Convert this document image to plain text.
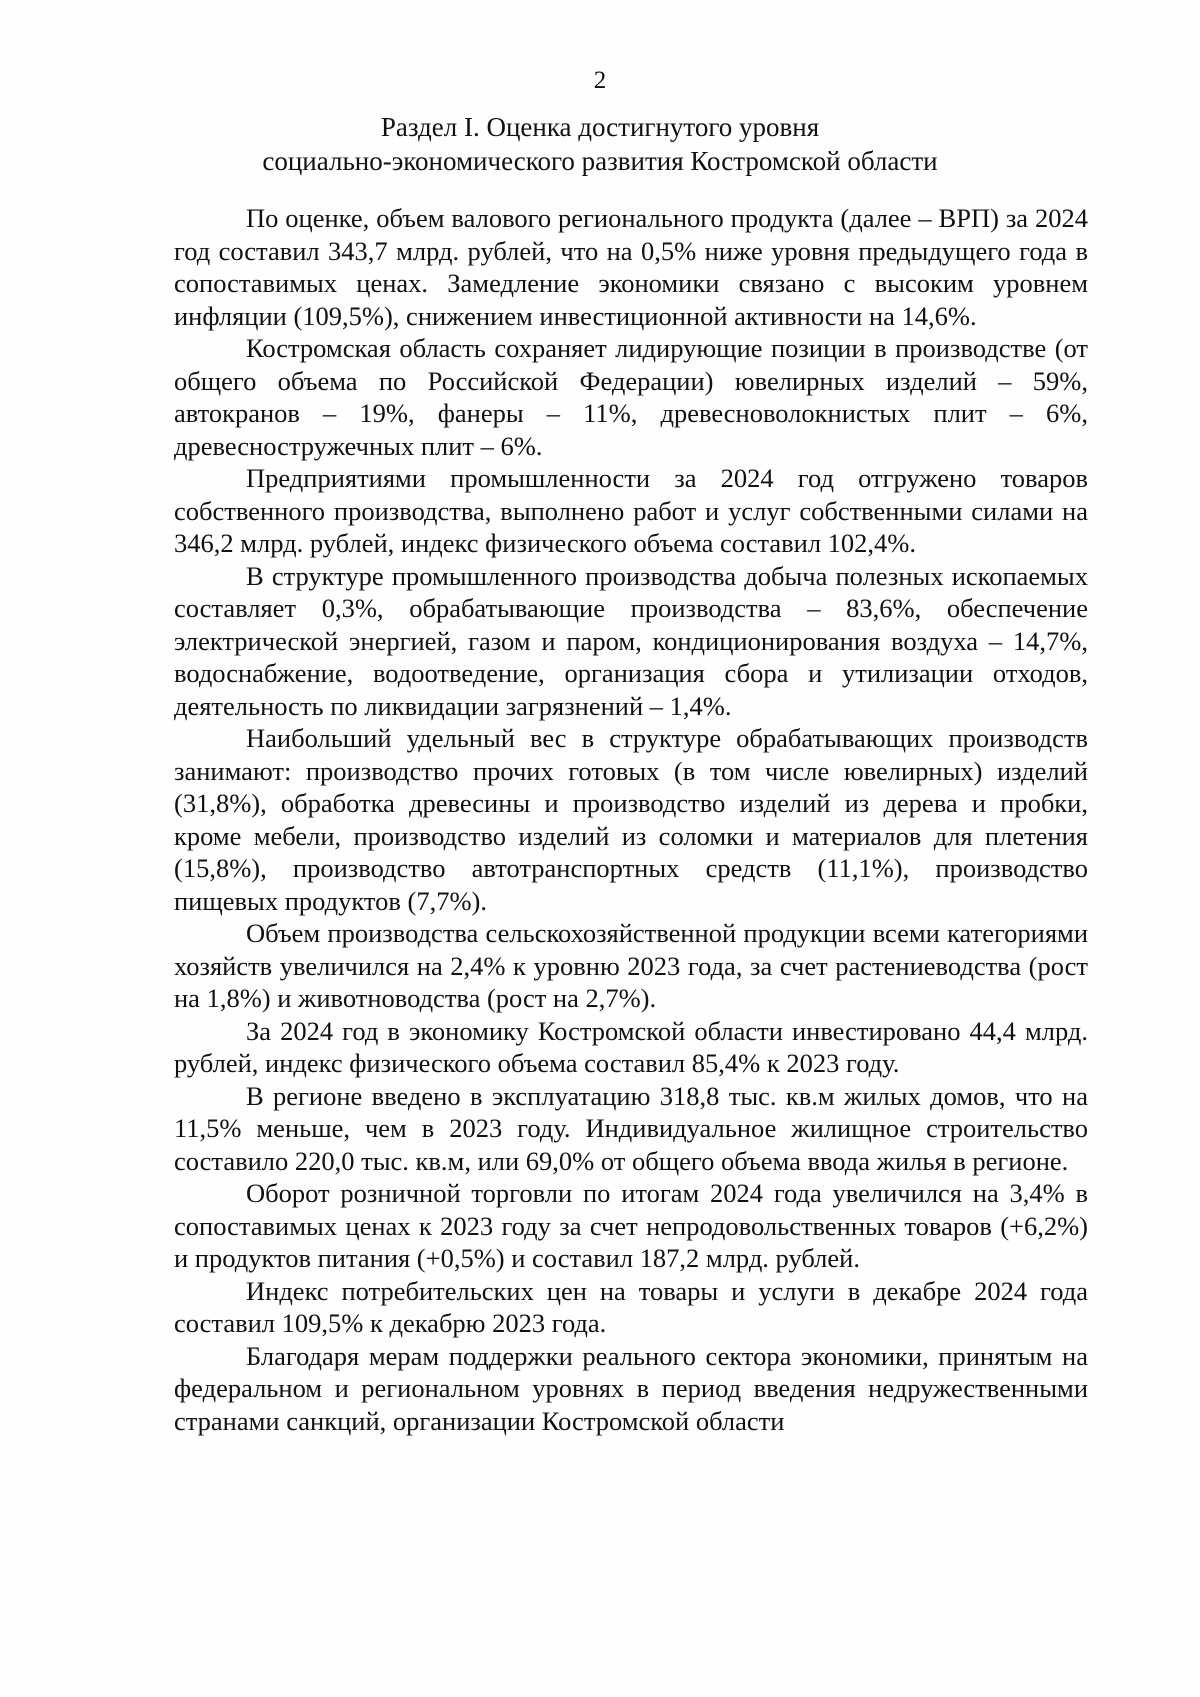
2
Раздел I. Оценка достигнутого уровня
социально-экономического развития Костромской области

По оценке, объем валового регионального продукта (далее – ВРП) за 2024 год составил 343,7 млрд. рублей, что на 0,5% ниже уровня предыдущего года в сопоставимых ценах. Замедление экономики связано с высоким уровнем инфляции (109,5%), снижением инвестиционной активности на 14,6%.

Костромская область сохраняет лидирующие позиции в производстве (от общего объема по Российской Федерации) ювелирных изделий – 59%, автокранов – 19%, фанеры – 11%, древесноволокнистых плит – 6%, древесностружечных плит – 6%.

Предприятиями промышленности за 2024 год отгружено товаров собственного производства, выполнено работ и услуг собственными силами на 346,2 млрд. рублей, индекс физического объема составил 102,4%.

В структуре промышленного производства добыча полезных ископаемых составляет 0,3%, обрабатывающие производства – 83,6%, обеспечение электрической энергией, газом и паром, кондиционирования воздуха – 14,7%, водоснабжение, водоотведение, организация сбора и утилизации отходов, деятельность по ликвидации загрязнений – 1,4%.

Наибольший удельный вес в структуре обрабатывающих производств занимают: производство прочих готовых (в том числе ювелирных) изделий (31,8%), обработка древесины и производство изделий из дерева и пробки, кроме мебели, производство изделий из соломки и материалов для плетения (15,8%), производство автотранспортных средств (11,1%), производство пищевых продуктов (7,7%).

Объем производства сельскохозяйственной продукции всеми категориями хозяйств увеличился на 2,4% к уровню 2023 года, за счет растениеводства (рост на 1,8%) и животноводства (рост на 2,7%).

За 2024 год в экономику Костромской области инвестировано 44,4 млрд. рублей, индекс физического объема составил 85,4% к 2023 году.

В регионе введено в эксплуатацию 318,8 тыс. кв.м жилых домов, что на 11,5% меньше, чем в 2023 году. Индивидуальное жилищное строительство составило 220,0 тыс. кв.м, или 69,0% от общего объема ввода жилья в регионе.

Оборот розничной торговли по итогам 2024 года увеличился на 3,4% в сопоставимых ценах к 2023 году за счет непродовольственных товаров (+6,2%) и продуктов питания (+0,5%) и составил 187,2 млрд. рублей.

Индекс потребительских цен на товары и услуги в декабре 2024 года составил 109,5% к декабрю 2023 года.

Благодаря мерам поддержки реального сектора экономики, принятым на федеральном и региональном уровнях в период введения недружественными странами санкций, организации Костромской области
